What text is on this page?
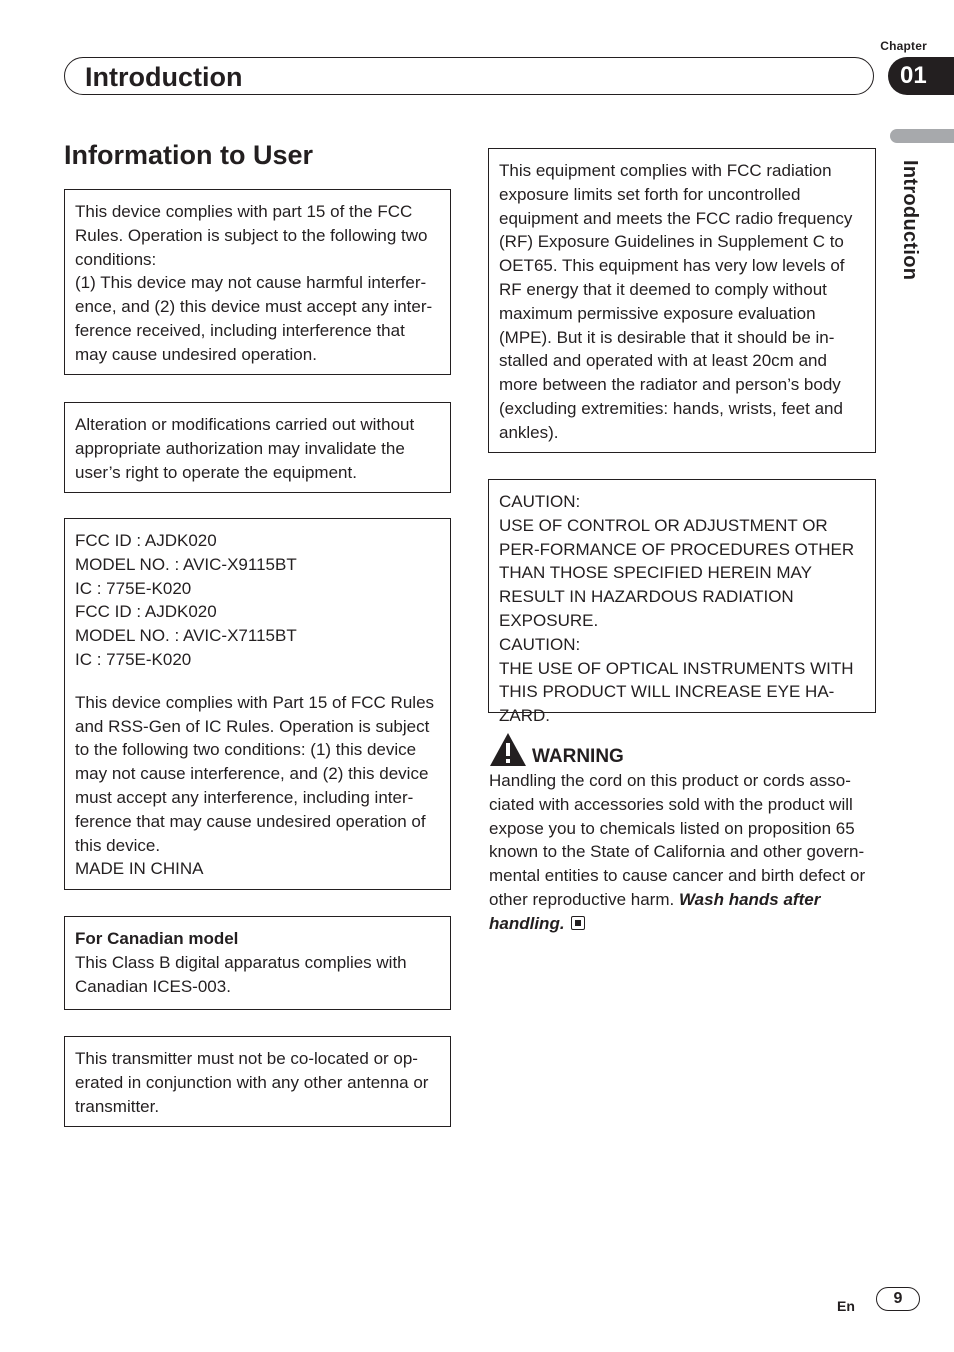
Chapter
Introduction	01
Introduction
Information to User

This device complies with part 15 of the FCC Rules. Operation is subject to the following two conditions:

(1) This device may not cause harmful interfer-ence, and (2) this device must accept any inter-ference received, including interference that may cause undesired operation.

Alteration or modifications carried out without appropriate authorization may invalidate the user’s right to operate the equipment.

FCC ID : AJDK020

MODEL NO. : AVIC-X9115BT

IC : 775E-K020

FCC ID : AJDK020

MODEL NO. : AVIC-X7115BT

IC : 775E-K020

This device complies with Part 15 of FCC Rules and RSS-Gen of IC Rules. Operation is subject to the following two conditions: (1) this device may not cause interference, and (2) this device must accept any interference, including inter-ference that may cause undesired operation of this device.

MADE IN CHINA

For Canadian model

This Class B digital apparatus complies with Canadian ICES-003.

This transmitter must not be co-located or op-erated in conjunction with any other antenna or transmitter.

This equipment complies with FCC radiation exposure limits set forth for uncontrolled equipment and meets the FCC radio frequency (RF) Exposure Guidelines in Supplement C to OET65. This equipment has very low levels of RF energy that it deemed to comply without maximum permissive exposure evaluation (MPE). But it is desirable that it should be in-stalled and operated with at least 20cm and more between the radiator and person’s body (excluding extremities: hands, wrists, feet and ankles).

CAUTION:

USE OF CONTROL OR ADJUSTMENT OR PER-FORMANCE OF PROCEDURES OTHER THAN THOSE SPECIFIED HEREIN MAY RESULT IN HAZARDOUS RADIATION EXPOSURE.

CAUTION:

THE USE OF OPTICAL INSTRUMENTS WITH THIS PRODUCT WILL INCREASE EYE HA-ZARD.

WARNING

Handling the cord on this product or cords asso-ciated with accessories sold with the product will expose you to chemicals listed on proposition 65 known to the State of California and other govern-mental entities to cause cancer and birth defect or other reproductive harm. Wash hands after handling.

En	9
